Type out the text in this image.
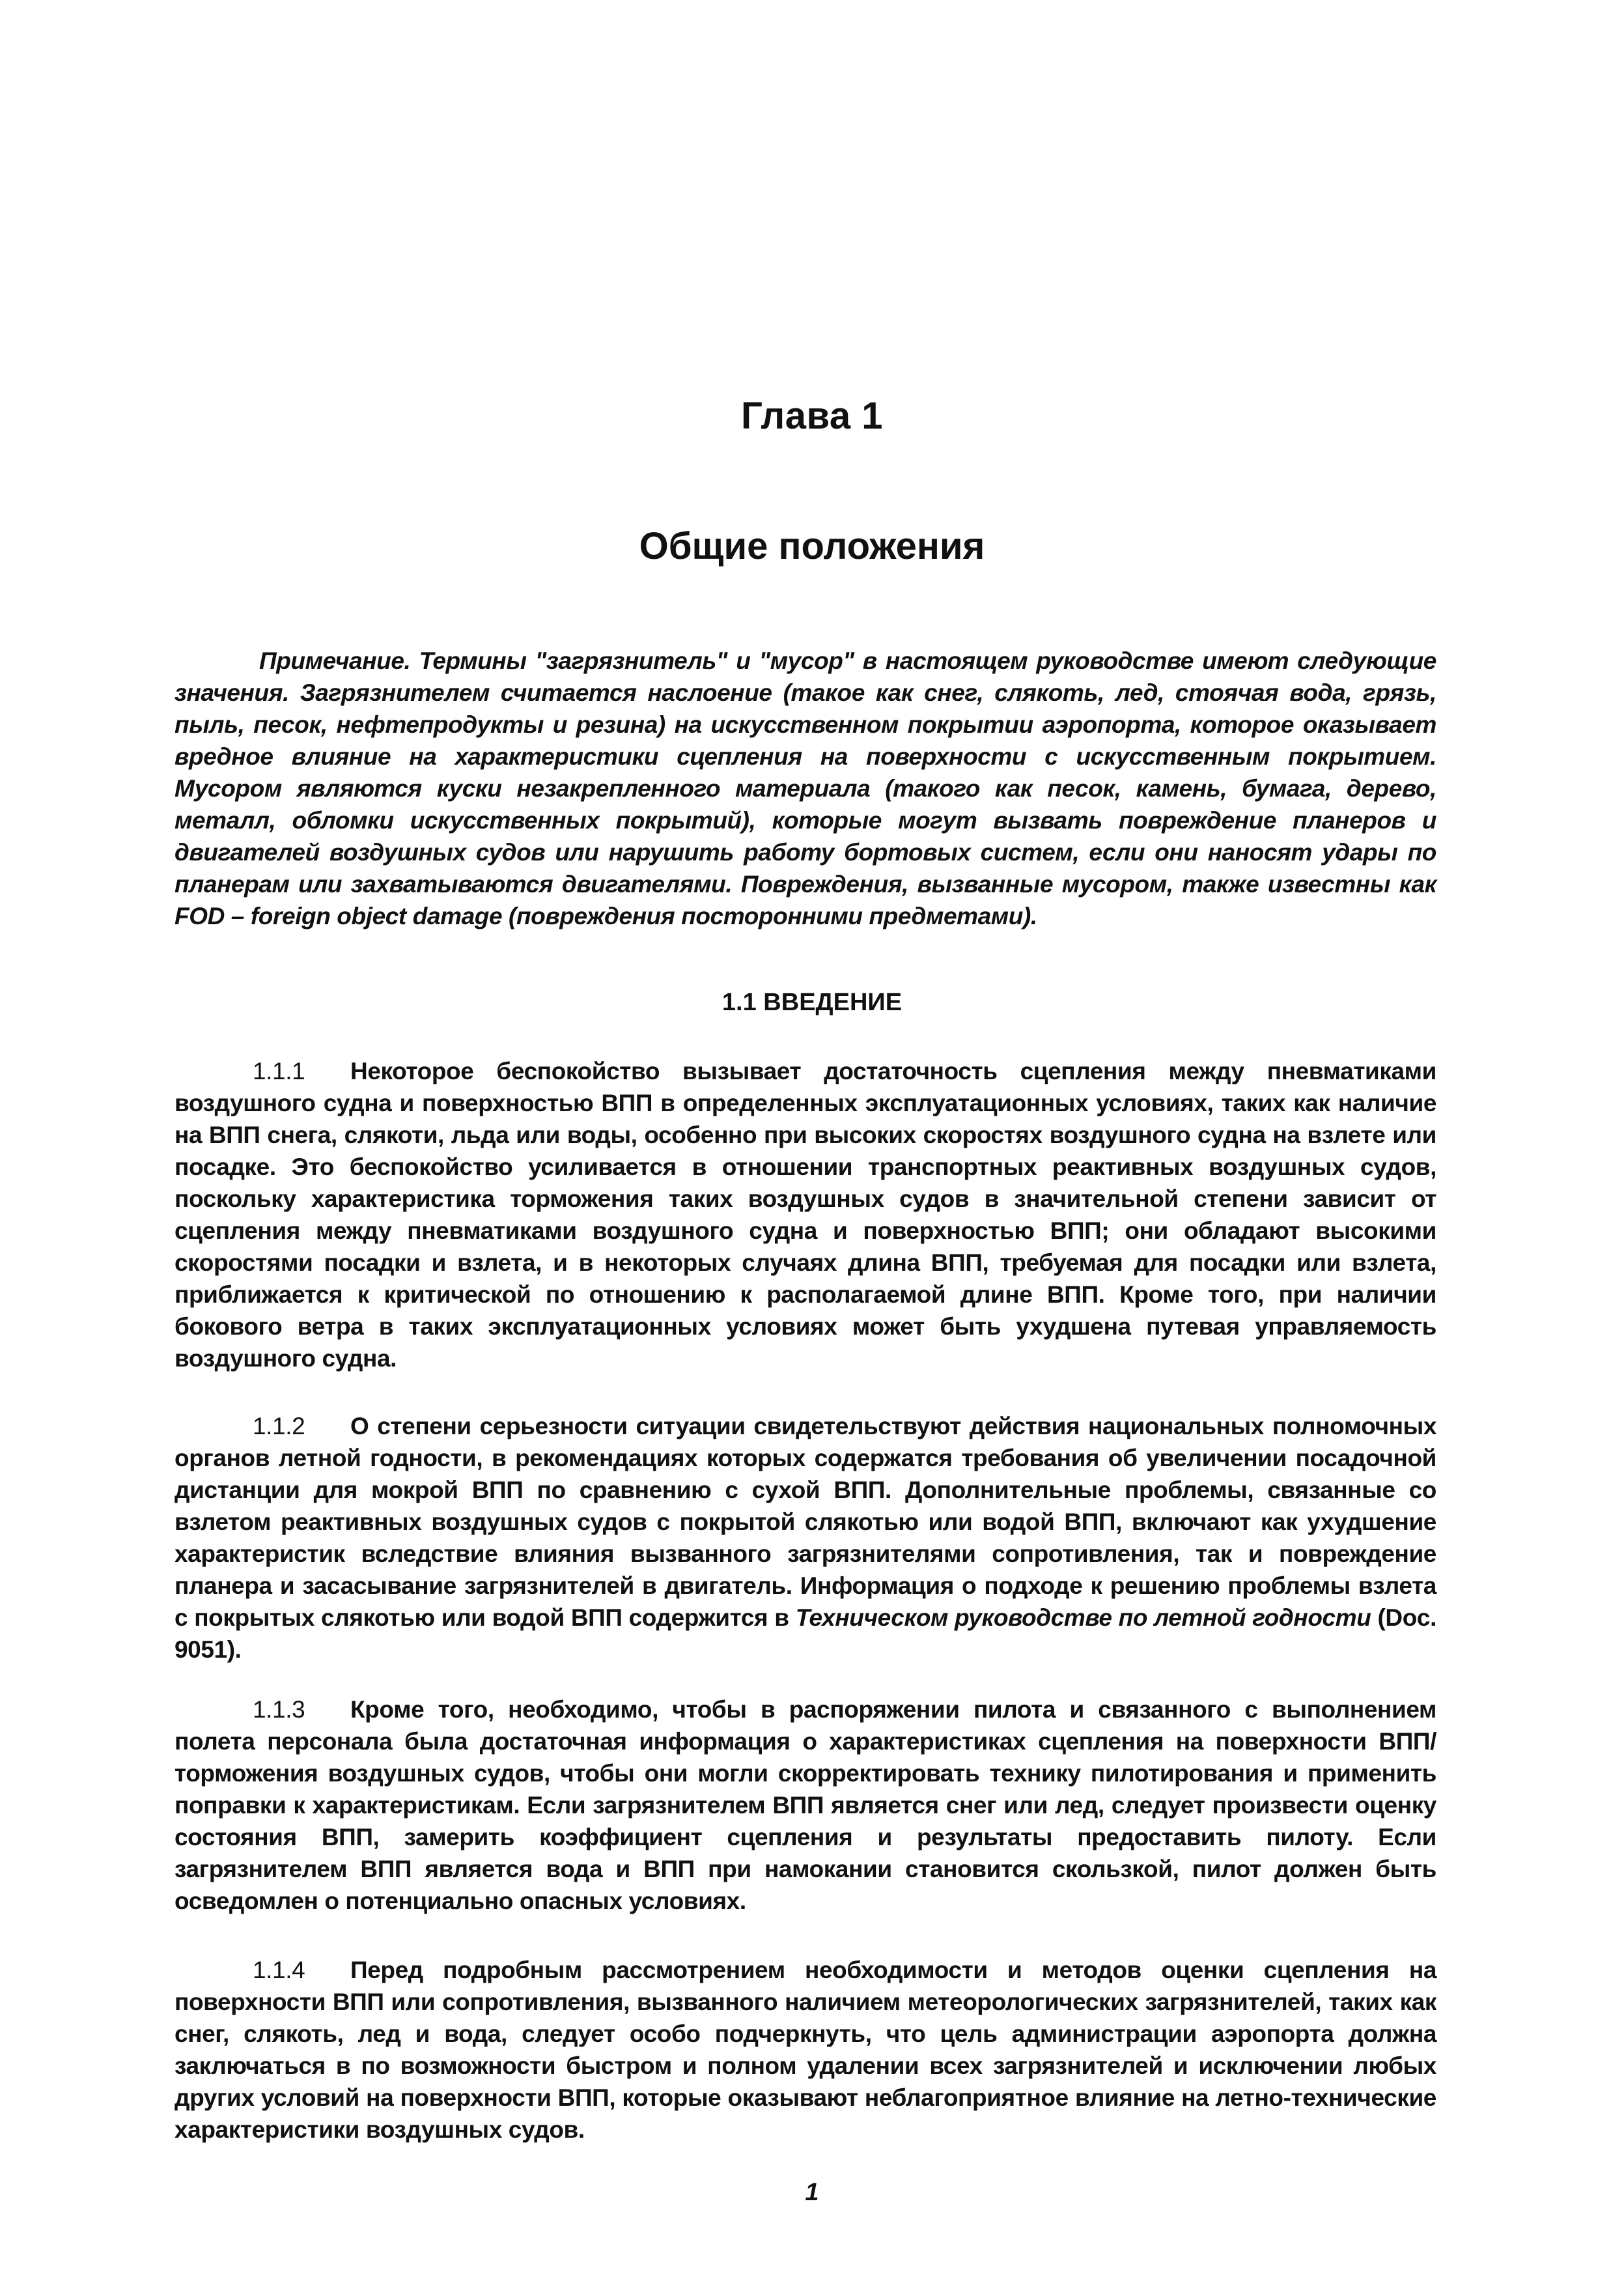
Глава 1
Общие положения
Примечание. Термины "загрязнитель" и "мусор" в настоящем руководстве имеют следующие значения. Загрязнителем считается наслоение (такое как снег, слякоть, лед, стоячая вода, грязь, пыль, песок, нефтепродукты и резина) на искусственном покрытии аэропорта, которое оказывает вредное влияние на характеристики сцепления на поверхности с искусственным покрытием. Мусором являются куски незакрепленного материала (такого как песок, камень, бумага, дерево, металл, обломки искусственных покрытий), которые могут вызвать повреждение планеров и двигателей воздушных судов или нарушить работу бортовых систем, если они наносят удары по планерам или захватываются двигателями. Повреждения, вызванные мусором, также известны как FOD – foreign object damage (повреждения посторонними предметами).
1.1 ВВЕДЕНИЕ
1.1.1 Некоторое беспокойство вызывает достаточность сцепления между пневматиками воздушного судна и поверхностью ВПП в определенных эксплуатационных условиях, таких как наличие на ВПП снега, слякоти, льда или воды, особенно при высоких скоростях воздушного судна на взлете или посадке. Это беспокойство усиливается в отношении транспортных реактивных воздушных судов, поскольку характеристика торможения таких воздушных судов в значительной степени зависит от сцепления между пневматиками воздушного судна и поверхностью ВПП; они обладают высокими скоростями посадки и взлета, и в некоторых случаях длина ВПП, требуемая для посадки или взлета, приближается к критической по отношению к располагаемой длине ВПП. Кроме того, при наличии бокового ветра в таких эксплуатационных условиях может быть ухудшена путевая управляемость воздушного судна.
1.1.2 О степени серьезности ситуации свидетельствуют действия национальных полномочных органов летной годности, в рекомендациях которых содержатся требования об увеличении посадочной дистанции для мокрой ВПП по сравнению с сухой ВПП. Дополнительные проблемы, связанные со взлетом реактивных воздушных судов с покрытой слякотью или водой ВПП, включают как ухудшение характеристик вследствие влияния вызванного загрязнителями сопротивления, так и повреждение планера и засасывание загрязнителей в двигатель. Информация о подходе к решению проблемы взлета с покрытых слякотью или водой ВПП содержится в Техническом руководстве по летной годности (Doc. 9051).
1.1.3 Кроме того, необходимо, чтобы в распоряжении пилота и связанного с выполнением полета персонала была достаточная информация о характеристиках сцепления на поверхности ВПП/торможения воздушных судов, чтобы они могли скорректировать технику пилотирования и применить поправки к характеристикам. Если загрязнителем ВПП является снег или лед, следует произвести оценку состояния ВПП, замерить коэффициент сцепления и результаты предоставить пилоту. Если загрязнителем ВПП является вода и ВПП при намокании становится скользкой, пилот должен быть осведомлен о потенциально опасных условиях.
1.1.4 Перед подробным рассмотрением необходимости и методов оценки сцепления на поверхности ВПП или сопротивления, вызванного наличием метеорологических загрязнителей, таких как снег, слякоть, лед и вода, следует особо подчеркнуть, что цель администрации аэропорта должна заключаться в по возможности быстром и полном удалении всех загрязнителей и исключении любых других условий на поверхности ВПП, которые оказывают неблагоприятное влияние на летно-технические характеристики воздушных судов.
1
